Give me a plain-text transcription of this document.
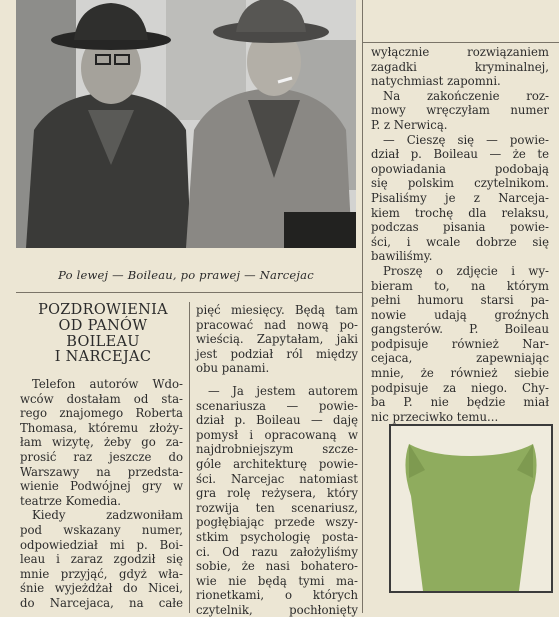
Po lewej — Boileau, po prawej — Narcejac
POZDROWIENIA
OD PANÓW
BOILEAU
I NARCEJAC
Telefon autorów Wdo-
wców dostałam od sta-
rego znajomego Roberta
Thomasa, któremu złoży-
łam wizytę, żeby go za-
prosić raz jeszcze do
Warszawy na przedsta-
wienie Podwójnej gry w
teatrze Komedia.
Kiedy zadzwoniłam
pod wskazany numer,
odpowiedział mi p. Boi-
leau i zaraz zgodził się
mnie przyjąć, gdyż wła-
śnie wyjeżdżał do Nicei,
do Narcejaca, na całe
pięć miesięcy. Będą tam
pracować nad nową po-
wieścią. Zapytałam, jaki
jest podział ról między
obu panami.
— Ja jestem autorem
scenariusza — powie-
dział p. Boileau — daję
pomysł i opracowaną w
najdrobniejszym szcze-
góle architekturę powie-
ści. Narcejac natomiast
gra rolę reżysera, który
rozwija ten scenariusz,
pogłębiając przede wszy-
stkim psychologię posta-
ci. Od razu założyliśmy
sobie, że nasi bohatero-
wie nie będą tymi ma-
rionetkami, o których
czytelnik, pochłonięty
wyłącznie rozwiązaniem
zagadki kryminalnej,
natychmiast zapomni.
Na zakończenie roz-
mowy wręczyłam numer
P. z Nerwicą.
— Cieszę się — powie-
dział p. Boileau — że te
opowiadania podobają
się polskim czytelnikom.
Pisaliśmy je z Narceja-
kiem trochę dla relaksu,
podczas pisania powie-
ści, i wcale dobrze się
bawiliśmy.
Proszę o zdjęcie i wy-
bieram to, na którym
pełni humoru starsi pa-
nowie udają groźnych
gangsterów. P. Boileau
podpisuje również Nar-
cejaca, zapewniając
mnie, że również siebie
podpisuje za niego. Chy-
ba P. nie będzie miał
nic przeciwko temu...
